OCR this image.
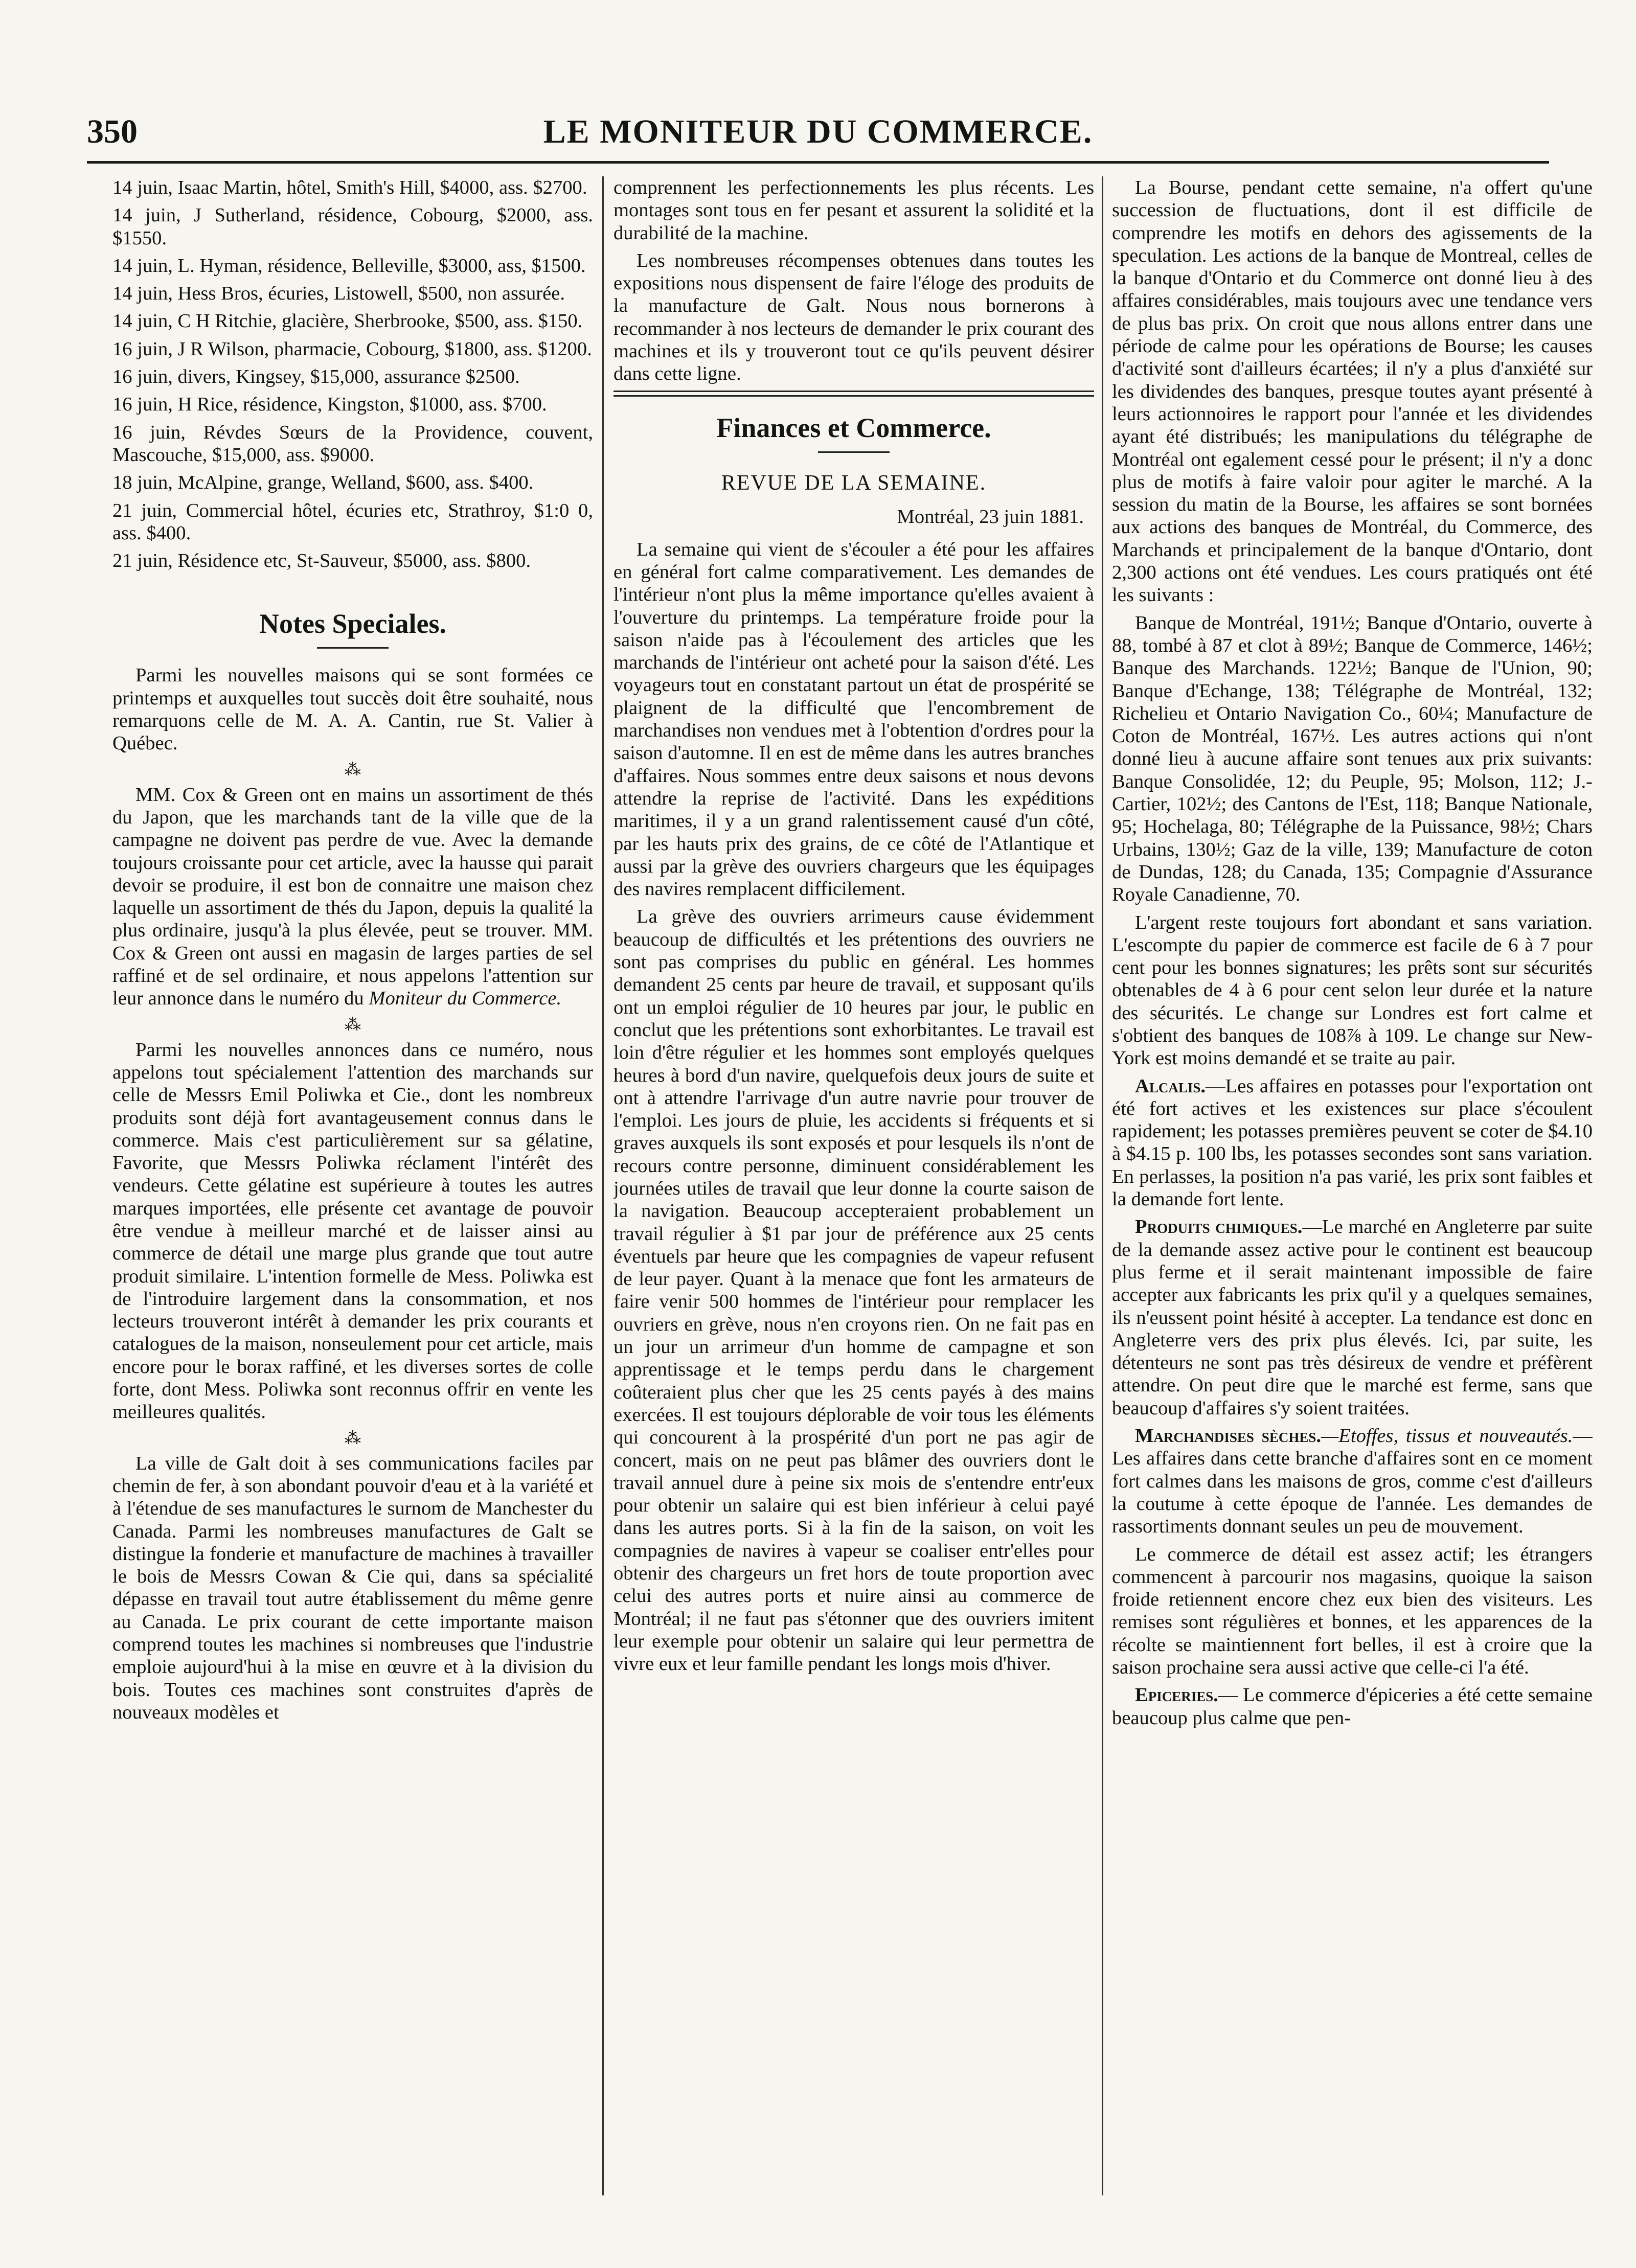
350	LE MONITEUR DU COMMERCE.

14 juin, Isaac Martin, hôtel, Smith's Hill, $4000, ass. $2700.

14 juin, J Sutherland, résidence, Cobourg, $2000, ass. $1550.

14 juin, L. Hyman, résidence, Belleville, $3000, ass, $1500.

14 juin, Hess Bros, écuries, Listowell, $500, non assurée.

14 juin, C H Ritchie, glacière, Sherbrooke, $500, ass. $150.

16 juin, J R Wilson, pharmacie, Cobourg, $1800, ass. $1200.

16 juin, divers, Kingsey, $15,000, assurance $2500.

16 juin, H Rice, résidence, Kingston, $1000, ass. $700.

16 juin, Révdes Sœurs de la Providence, couvent, Mascouche, $15,000, ass. $9000.

18 juin, McAlpine, grange, Welland, $600, ass. $400.

21 juin, Commercial hôtel, écuries etc, Strathroy, $1:0 0, ass. $400.

21 juin, Résidence etc, St-Sauveur, $5000, ass. $800.

Notes Speciales.

Parmi les nouvelles maisons qui se sont formées ce printemps et auxquelles tout succès doit être souhaité, nous remarquons celle de M. A. A. Cantin, rue St. Valier à Québec.

⁂

MM. Cox & Green ont en mains un assortiment de thés du Japon, que les marchands tant de la ville que de la campagne ne doivent pas perdre de vue. Avec la demande toujours croissante pour cet article, avec la hausse qui parait devoir se produire, il est bon de connaitre une maison chez laquelle un assortiment de thés du Japon, depuis la qualité la plus ordinaire, jusqu'à la plus élevée, peut se trouver. MM. Cox & Green ont aussi en magasin de larges parties de sel raffiné et de sel ordinaire, et nous appelons l'attention sur leur annonce dans le numéro du Moniteur du Commerce.

⁂

Parmi les nouvelles annonces dans ce numéro, nous appelons tout spécialement l'attention des marchands sur celle de Messrs Emil Poliwka et Cie., dont les nombreux produits sont déjà fort avantageusement connus dans le commerce. Mais c'est particulièrement sur sa gélatine, Favorite, que Messrs Poliwka réclament l'intérêt des vendeurs. Cette gélatine est supérieure à toutes les autres marques importées, elle présente cet avantage de pouvoir être vendue à meilleur marché et de laisser ainsi au commerce de détail une marge plus grande que tout autre produit similaire. L'intention formelle de Mess. Poliwka est de l'introduire largement dans la consommation, et nos lecteurs trouveront intérêt à demander les prix courants et catalogues de la maison, nonseulement pour cet article, mais encore pour le borax raffiné, et les diverses sortes de colle forte, dont Mess. Poliwka sont reconnus offrir en vente les meilleures qualités.

⁂

La ville de Galt doit à ses communications faciles par chemin de fer, à son abondant pouvoir d'eau et à la variété et à l'étendue de ses manufactures le surnom de Manchester du Canada. Parmi les nombreuses manufactures de Galt se distingue la fonderie et manufacture de machines à travailler le bois de Messrs Cowan & Cie qui, dans sa spécialité dépasse en travail tout autre établissement du même genre au Canada. Le prix courant de cette importante maison comprend toutes les machines si nombreuses que l'industrie emploie aujourd'hui à la mise en œuvre et à la division du bois. Toutes ces machines sont construites d'après de nouveaux modèles et

comprennent les perfectionnements les plus récents. Les montages sont tous en fer pesant et assurent la solidité et la durabilité de la machine.

Les nombreuses récompenses obtenues dans toutes les expositions nous dispensent de faire l'éloge des produits de la manufacture de Galt. Nous nous bornerons à recommander à nos lecteurs de demander le prix courant des machines et ils y trouveront tout ce qu'ils peuvent désirer dans cette ligne.

Finances et Commerce.
REVUE DE LA SEMAINE.
Montréal, 23 juin 1881.

La semaine qui vient de s'écouler a été pour les affaires en général fort calme comparativement. Les demandes de l'intérieur n'ont plus la même importance qu'elles avaient à l'ouverture du printemps. La température froide pour la saison n'aide pas à l'écoulement des articles que les marchands de l'intérieur ont acheté pour la saison d'été. Les voyageurs tout en constatant partout un état de prospérité se plaignent de la difficulté que l'encombrement de marchandises non vendues met à l'obtention d'ordres pour la saison d'automne. Il en est de même dans les autres branches d'affaires. Nous sommes entre deux saisons et nous devons attendre la reprise de l'activité. Dans les expéditions maritimes, il y a un grand ralentissement causé d'un côté, par les hauts prix des grains, de ce côté de l'Atlantique et aussi par la grève des ouvriers chargeurs que les équipages des navires remplacent difficilement.

La grève des ouvriers arrimeurs cause évidemment beaucoup de difficultés et les prétentions des ouvriers ne sont pas comprises du public en général. Les hommes demandent 25 cents par heure de travail, et supposant qu'ils ont un emploi régulier de 10 heures par jour, le public en conclut que les prétentions sont exhorbitantes. Le travail est loin d'être régulier et les hommes sont employés quelques heures à bord d'un navire, quelquefois deux jours de suite et ont à attendre l'arrivage d'un autre navrie pour trouver de l'emploi. Les jours de pluie, les accidents si fréquents et si graves auxquels ils sont exposés et pour lesquels ils n'ont de recours contre personne, diminuent considérablement les journées utiles de travail que leur donne la courte saison de la navigation. Beaucoup accepteraient probablement un travail régulier à $1 par jour de préférence aux 25 cents éventuels par heure que les compagnies de vapeur refusent de leur payer. Quant à la menace que font les armateurs de faire venir 500 hommes de l'intérieur pour remplacer les ouvriers en grève, nous n'en croyons rien. On ne fait pas en un jour un arrimeur d'un homme de campagne et son apprentissage et le temps perdu dans le chargement coûteraient plus cher que les 25 cents payés à des mains exercées. Il est toujours déplorable de voir tous les éléments qui concourent à la prospérité d'un port ne pas agir de concert, mais on ne peut pas blâmer des ouvriers dont le travail annuel dure à peine six mois de s'entendre entr'eux pour obtenir un salaire qui est bien inférieur à celui payé dans les autres ports. Si à la fin de la saison, on voit les compagnies de navires à vapeur se coaliser entr'elles pour obtenir des chargeurs un fret hors de toute proportion avec celui des autres ports et nuire ainsi au commerce de Montréal; il ne faut pas s'étonner que des ouvriers imitent leur exemple pour obtenir un salaire qui leur permettra de vivre eux et leur famille pendant les longs mois d'hiver.

La Bourse, pendant cette semaine, n'a offert qu'une succession de fluctuations, dont il est difficile de comprendre les motifs en dehors des agissements de la speculation. Les actions de la banque de Montreal, celles de la banque d'Ontario et du Commerce ont donné lieu à des affaires considérables, mais toujours avec une tendance vers de plus bas prix. On croit que nous allons entrer dans une période de calme pour les opérations de Bourse; les causes d'activité sont d'ailleurs écartées; il n'y a plus d'anxiété sur les dividendes des banques, presque toutes ayant présenté à leurs actionnoires le rapport pour l'année et les dividendes ayant été distribués; les manipulations du télégraphe de Montréal ont egalement cessé pour le présent; il n'y a donc plus de motifs à faire valoir pour agiter le marché. A la session du matin de la Bourse, les affaires se sont bornées aux actions des banques de Montréal, du Commerce, des Marchands et principalement de la banque d'Ontario, dont 2,300 actions ont été vendues. Les cours pratiqués ont été les suivants :

Banque de Montréal, 191½; Banque d'Ontario, ouverte à 88, tombé à 87 et clot à 89½; Banque de Commerce, 146½; Banque des Marchands. 122½; Banque de l'Union, 90; Banque d'Echange, 138; Télégraphe de Montréal, 132; Richelieu et Ontario Navigation Co., 60¼; Manufacture de Coton de Montréal, 167½. Les autres actions qui n'ont donné lieu à aucune affaire sont tenues aux prix suivants: Banque Consolidée, 12; du Peuple, 95; Molson, 112; J.-Cartier, 102½; des Cantons de l'Est, 118; Banque Nationale, 95; Hochelaga, 80; Télégraphe de la Puissance, 98½; Chars Urbains, 130½; Gaz de la ville, 139; Manufacture de coton de Dundas, 128; du Canada, 135; Compagnie d'Assurance Royale Canadienne, 70.

L'argent reste toujours fort abondant et sans variation. L'escompte du papier de commerce est facile de 6 à 7 pour cent pour les bonnes signatures; les prêts sont sur sécurités obtenables de 4 à 6 pour cent selon leur durée et la nature des sécurités. Le change sur Londres est fort calme et s'obtient des banques de 108⅞ à 109. Le change sur New-York est moins demandé et se traite au pair.

Alcalis.—Les affaires en potasses pour l'exportation ont été fort actives et les existences sur place s'écoulent rapidement; les potasses premières peuvent se coter de $4.10 à $4.15 p. 100 lbs, les potasses secondes sont sans variation. En perlasses, la position n'a pas varié, les prix sont faibles et la demande fort lente.

Produits chimiques.—Le marché en Angleterre par suite de la demande assez active pour le continent est beaucoup plus ferme et il serait maintenant impossible de faire accepter aux fabricants les prix qu'il y a quelques semaines, ils n'eussent point hésité à accepter. La tendance est donc en Angleterre vers des prix plus élevés. Ici, par suite, les détenteurs ne sont pas très désireux de vendre et préfèrent attendre. On peut dire que le marché est ferme, sans que beaucoup d'affaires s'y soient traitées.

Marchandises sèches.—Etoffes, tissus et nouveautés.—Les affaires dans cette branche d'affaires sont en ce moment fort calmes dans les maisons de gros, comme c'est d'ailleurs la coutume à cette époque de l'année. Les demandes de rassortiments donnant seules un peu de mouvement.

Le commerce de détail est assez actif; les étrangers commencent à parcourir nos magasins, quoique la saison froide retiennent encore chez eux bien des visiteurs. Les remises sont régulières et bonnes, et les apparences de la récolte se maintiennent fort belles, il est à croire que la saison prochaine sera aussi active que celle-ci l'a été.

Epiceries.— Le commerce d'épiceries a été cette semaine beaucoup plus calme que pen-
